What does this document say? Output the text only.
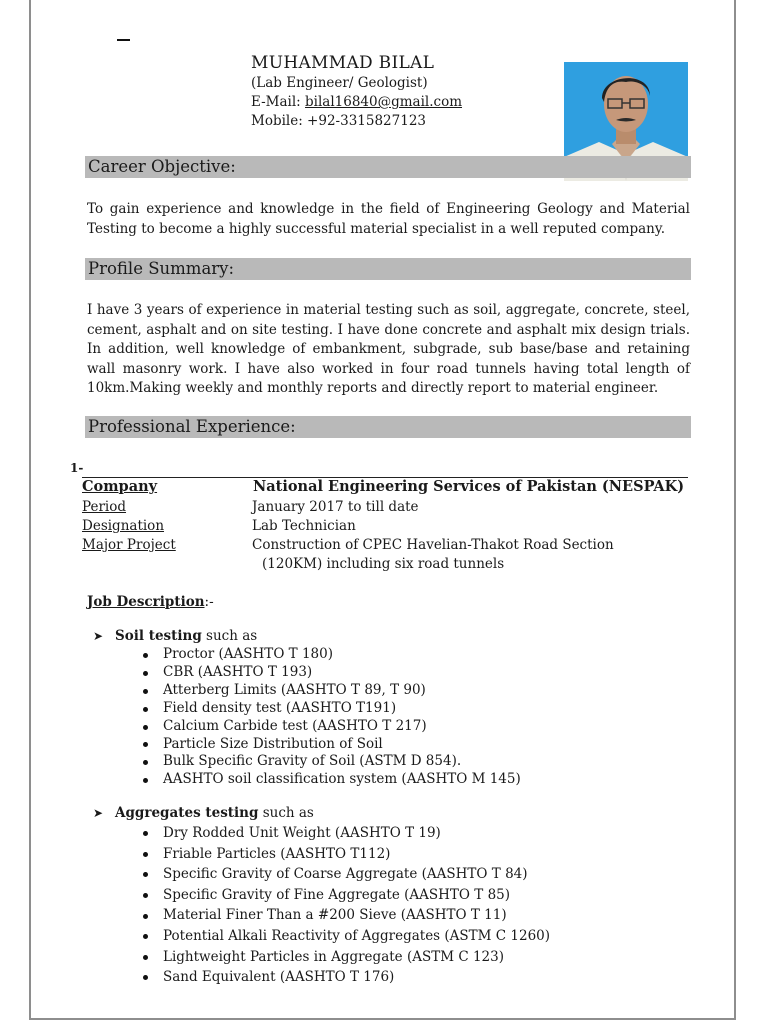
MUHAMMAD BILAL
(Lab Engineer/ Geologist)
E-Mail: bilal16840@gmail.com
Mobile: +92-3315827123
Career Objective:
To gain experience and knowledge in the field of Engineering Geology and Material Testing to become a highly successful material specialist in a well reputed company.
Profile Summary:
I have 3 years of experience in material testing such as soil, aggregate, concrete, steel, cement, asphalt and on site testing. I have done concrete and asphalt mix design trials. In addition, well knowledge of embankment, subgrade, sub base/base and retaining wall masonry work. I have also worked in four road tunnels having total length of 10km.Making weekly and monthly reports and directly report to material engineer.
Professional Experience:
1-
Company	National Engineering Services of Pakistan (NESPAK)
Period	January 2017 to till date
Designation	Lab Technician
Major Project	Construction of CPEC Havelian-Thakot Road Section
(120KM) including six road tunnels
Job Description:-
➤ Soil testing such as
Proctor (AASHTO T 180)
CBR (AASHTO T 193)
Atterberg Limits (AASHTO T 89, T 90)
Field density test (AASHTO T191)
Calcium Carbide test (AASHTO T 217)
Particle Size Distribution of Soil
Bulk Specific Gravity of Soil (ASTM D 854).
AASHTO soil classification system (AASHTO M 145)
➤ Aggregates testing such as
Dry Rodded Unit Weight (AASHTO T 19)
Friable Particles (AASHTO T112)
Specific Gravity of Coarse Aggregate (AASHTO T 84)
Specific Gravity of Fine Aggregate (AASHTO T 85)
Material Finer Than a #200 Sieve (AASHTO T 11)
Potential Alkali Reactivity of Aggregates (ASTM C 1260)
Lightweight Particles in Aggregate (ASTM C 123)
Sand Equivalent (AASHTO T 176)
